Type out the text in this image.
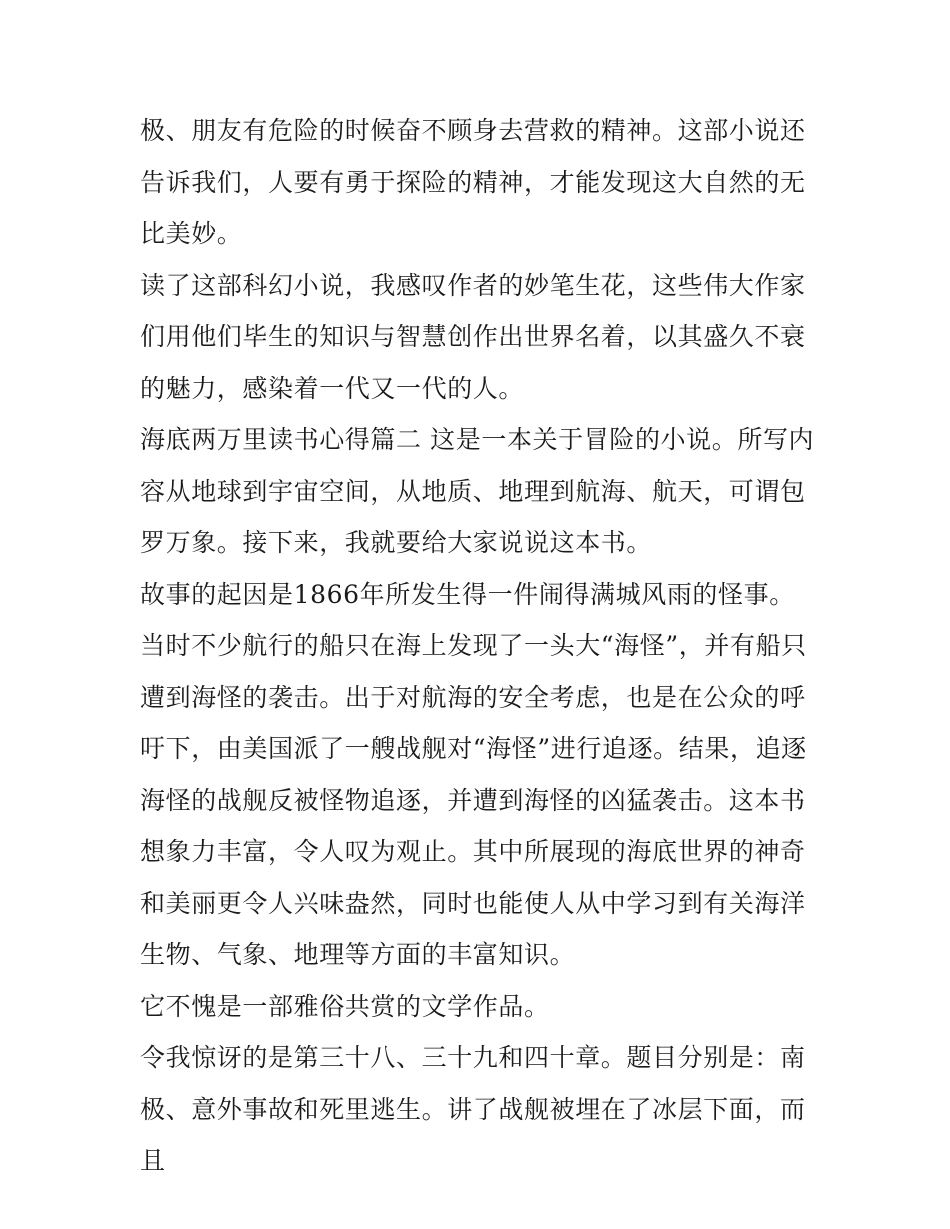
极、朋友有危险的时候奋不顾身去营救的精神。这部小说还告诉我们，人要有勇于探险的精神，才能发现这大自然的无比美妙。

读了这部科幻小说，我感叹作者的妙笔生花，这些伟大作家们用他们毕生的知识与智慧创作出世界名着，以其盛久不衰的魅力，感染着一代又一代的人。

海底两万里读书心得篇二 这是一本关于冒险的小说。所写内容从地球到宇宙空间，从地质、地理到航海、航天，可谓包罗万象。接下来，我就要给大家说说这本书。

故事的起因是1866年所发生得一件闹得满城风雨的怪事。当时不少航行的船只在海上发现了一头大“海怪”，并有船只遭到海怪的袭击。出于对航海的安全考虑，也是在公众的呼吁下，由美国派了一艘战舰对“海怪”进行追逐。结果，追逐海怪的战舰反被怪物追逐，并遭到海怪的凶猛袭击。这本书想象力丰富，令人叹为观止。其中所展现的海底世界的神奇和美丽更令人兴味盎然，同时也能使人从中学习到有关海洋生物、气象、地理等方面的丰富知识。

它不愧是一部雅俗共赏的文学作品。

令我惊讶的是第三十八、三十九和四十章。题目分别是：南极、意外事故和死里逃生。讲了战舰被埋在了冰层下面，而且
